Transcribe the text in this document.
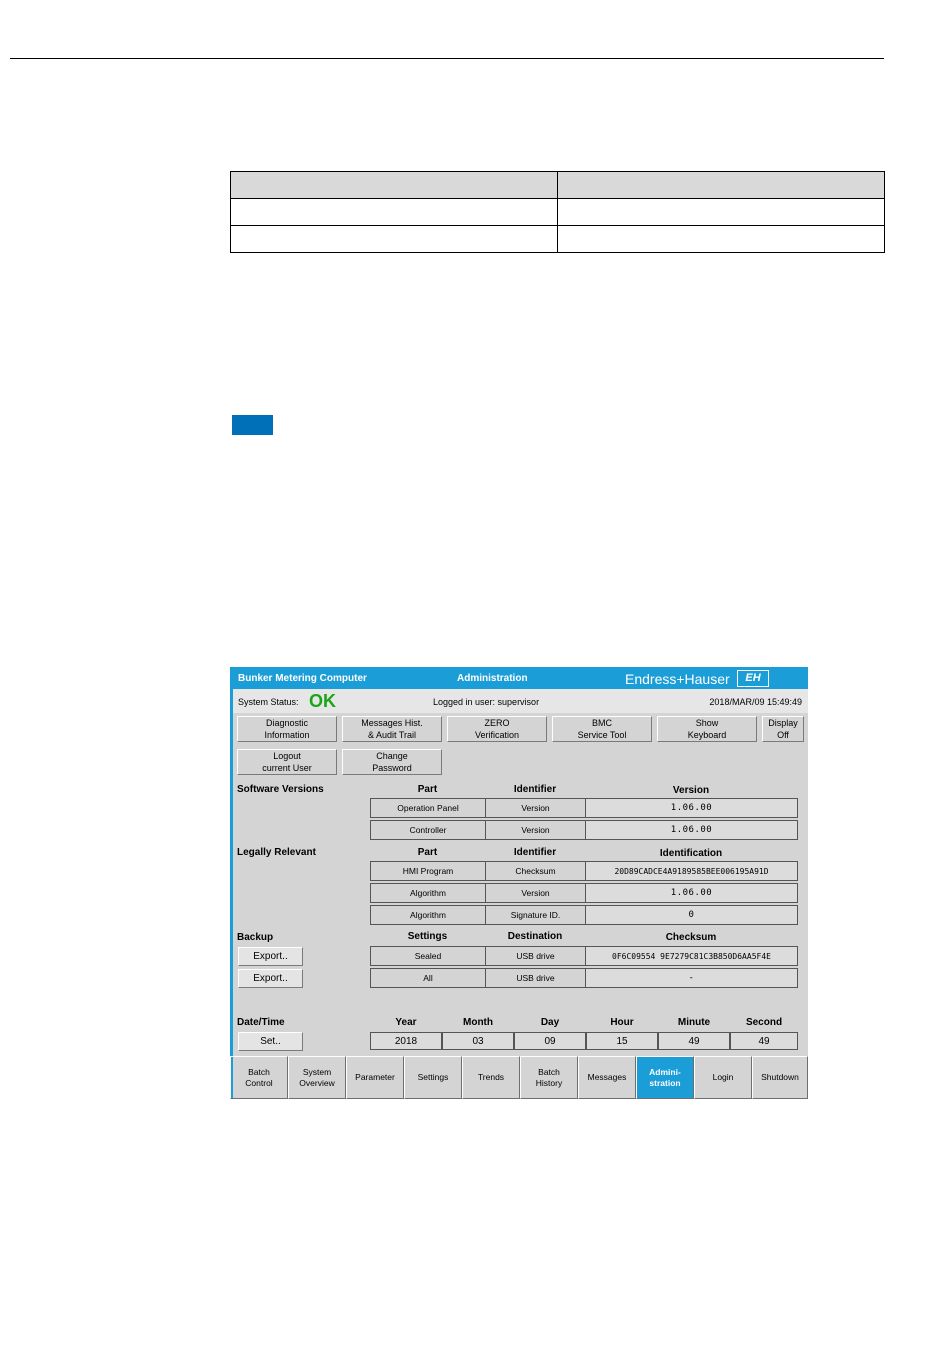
Bunker Metering Computer	Administration	Endress+Hauser	EH
System Status: OK	Logged in user: supervisor	2018/MAR/09 15:49:49
Diagnostic
Information
Messages Hist.
& Audit Trail
ZERO
Verification
BMC
Service Tool
Show
Keyboard
Display
Off
Logout
current User
Change
Password
Software Versions	Part	Identifier	Version
Operation Panel	Version	1.06.00
Controller	Version	1.06.00
Legally Relevant	Part	Identifier	Identification
HMI Program	Checksum	20D89CADCE4A9189585BEE006195A91D
Algorithm	Version	1.06.00
Algorithm	Signature ID.	0
Backup	Settings	Destination	Checksum
Export..
Export..
Sealed	USB drive	0F6C09554 9E7279C81C3B850D6AA5F4E
All	USB drive	-
Date/Time
Set..
Year	Month	Day	Hour	Minute	Second
2018	03	09	15	49	49
Batch
Control
System
Overview
Parameter	Settings	Trends
Batch
History
Messages
Admini-
stration
Login	Shutdown
